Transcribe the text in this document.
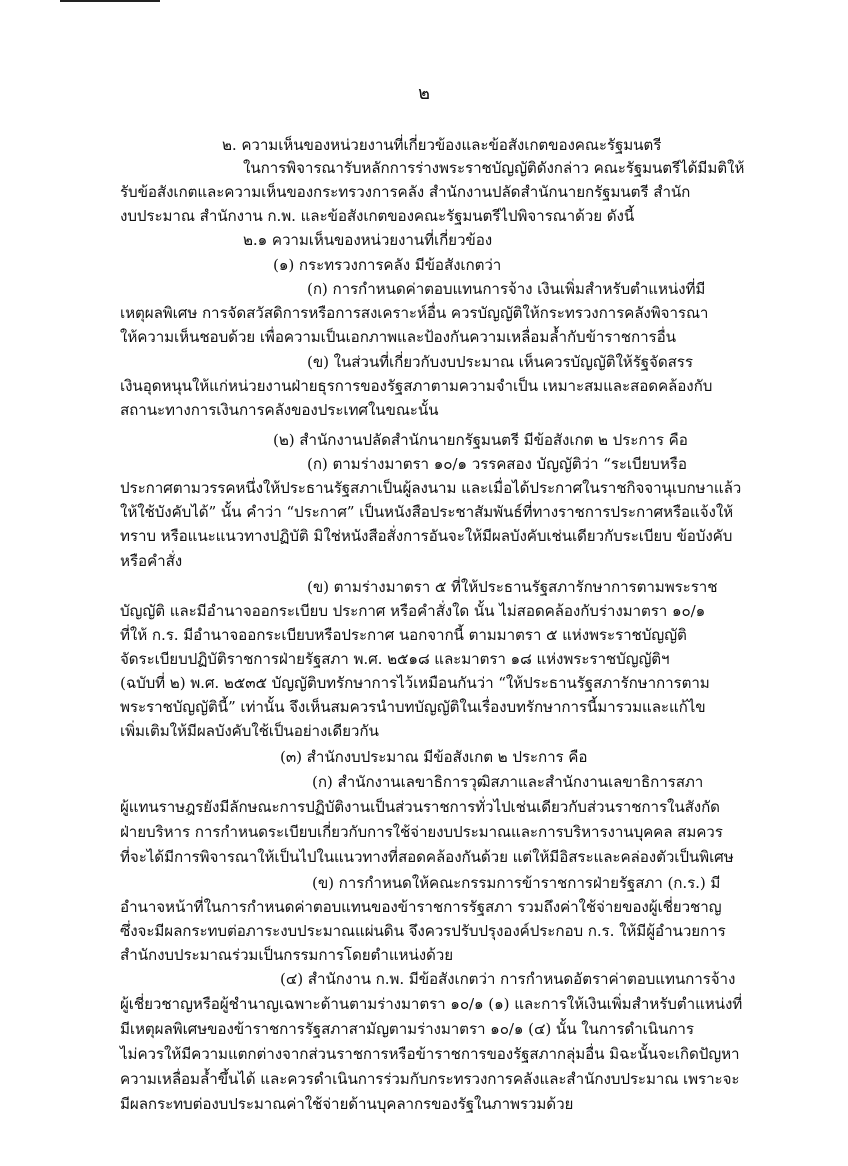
๒
๒. ความเห็นของหน่วยงานที่เกี่ยวข้องและข้อสังเกตของคณะรัฐมนตรี
ในการพิจารณารับหลักการร่างพระราชบัญญัติดังกล่าว คณะรัฐมนตรีได้มีมติให้
รับข้อสังเกตและความเห็นของกระทรวงการคลัง สำนักงานปลัดสำนักนายกรัฐมนตรี สำนัก
งบประมาณ สำนักงาน ก.พ. และข้อสังเกตของคณะรัฐมนตรีไปพิจารณาด้วย ดังนี้
๒.๑ ความเห็นของหน่วยงานที่เกี่ยวข้อง
(๑) กระทรวงการคลัง มีข้อสังเกตว่า
(ก) การกำหนดค่าตอบแทนการจ้าง เงินเพิ่มสำหรับตำแหน่งที่มี
เหตุผลพิเศษ การจัดสวัสดิการหรือการสงเคราะห์อื่น ควรบัญญัติให้กระทรวงการคลังพิจารณา
ให้ความเห็นชอบด้วย เพื่อความเป็นเอกภาพและป้องกันความเหลื่อมล้ำกับข้าราชการอื่น
(ข) ในส่วนที่เกี่ยวกับงบประมาณ เห็นควรบัญญัติให้รัฐจัดสรร
เงินอุดหนุนให้แก่หน่วยงานฝ่ายธุรการของรัฐสภาตามความจำเป็น เหมาะสมและสอดคล้องกับ
สถานะทางการเงินการคลังของประเทศในขณะนั้น
(๒) สำนักงานปลัดสำนักนายกรัฐมนตรี มีข้อสังเกต ๒ ประการ คือ
(ก) ตามร่างมาตรา ๑๐/๑ วรรคสอง บัญญัติว่า “ระเบียบหรือ
ประกาศตามวรรคหนึ่งให้ประธานรัฐสภาเป็นผู้ลงนาม และเมื่อได้ประกาศในราชกิจจานุเบกษาแล้ว
ให้ใช้บังคับได้” นั้น คำว่า “ประกาศ” เป็นหนังสือประชาสัมพันธ์ที่ทางราชการประกาศหรือแจ้งให้
ทราบ หรือแนะแนวทางปฏิบัติ มิใช่หนังสือสั่งการอันจะให้มีผลบังคับเช่นเดียวกับระเบียบ ข้อบังคับ
หรือคำสั่ง
(ข) ตามร่างมาตรา ๕ ที่ให้ประธานรัฐสภารักษาการตามพระราช
บัญญัติ และมีอำนาจออกระเบียบ ประกาศ หรือคำสั่งใด นั้น ไม่สอดคล้องกับร่างมาตรา ๑๐/๑
ที่ให้ ก.ร. มีอำนาจออกระเบียบหรือประกาศ นอกจากนี้ ตามมาตรา ๕ แห่งพระราชบัญญัติ
จัดระเบียบปฏิบัติราชการฝ่ายรัฐสภา พ.ศ. ๒๕๑๘ และมาตรา ๑๘ แห่งพระราชบัญญัติฯ
(ฉบับที่ ๒) พ.ศ. ๒๕๓๕ บัญญัติบทรักษาการไว้เหมือนกันว่า “ให้ประธานรัฐสภารักษาการตาม
พระราชบัญญัตินี้” เท่านั้น จึงเห็นสมควรนำบทบัญญัติในเรื่องบทรักษาการนี้มารวมและแก้ไข
เพิ่มเติมให้มีผลบังคับใช้เป็นอย่างเดียวกัน
(๓) สำนักงบประมาณ มีข้อสังเกต ๒ ประการ คือ
(ก) สำนักงานเลขาธิการวุฒิสภาและสำนักงานเลขาธิการสภา
ผู้แทนราษฎรยังมีลักษณะการปฏิบัติงานเป็นส่วนราชการทั่วไปเช่นเดียวกับส่วนราชการในสังกัด
ฝ่ายบริหาร การกำหนดระเบียบเกี่ยวกับการใช้จ่ายงบประมาณและการบริหารงานบุคคล สมควร
ที่จะได้มีการพิจารณาให้เป็นไปในแนวทางที่สอดคล้องกันด้วย แต่ให้มีอิสระและคล่องตัวเป็นพิเศษ
(ข) การกำหนดให้คณะกรรมการข้าราชการฝ่ายรัฐสภา (ก.ร.) มี
อำนาจหน้าที่ในการกำหนดค่าตอบแทนของข้าราชการรัฐสภา รวมถึงค่าใช้จ่ายของผู้เชี่ยวชาญ
ซึ่งจะมีผลกระทบต่อภาระงบประมาณแผ่นดิน จึงควรปรับปรุงองค์ประกอบ ก.ร. ให้มีผู้อำนวยการ
สำนักงบประมาณร่วมเป็นกรรมการโดยตำแหน่งด้วย
(๔) สำนักงาน ก.พ. มีข้อสังเกตว่า การกำหนดอัตราค่าตอบแทนการจ้าง
ผู้เชี่ยวชาญหรือผู้ชำนาญเฉพาะด้านตามร่างมาตรา ๑๐/๑ (๑) และการให้เงินเพิ่มสำหรับตำแหน่งที่
มีเหตุผลพิเศษของข้าราชการรัฐสภาสามัญตามร่างมาตรา ๑๐/๑ (๔) นั้น ในการดำเนินการ
ไม่ควรให้มีความแตกต่างจากส่วนราชการหรือข้าราชการของรัฐสภากลุ่มอื่น มิฉะนั้นจะเกิดปัญหา
ความเหลื่อมล้ำขึ้นได้ และควรดำเนินการร่วมกับกระทรวงการคลังและสำนักงบประมาณ เพราะจะ
มีผลกระทบต่องบประมาณค่าใช้จ่ายด้านบุคลากรของรัฐในภาพรวมด้วย
